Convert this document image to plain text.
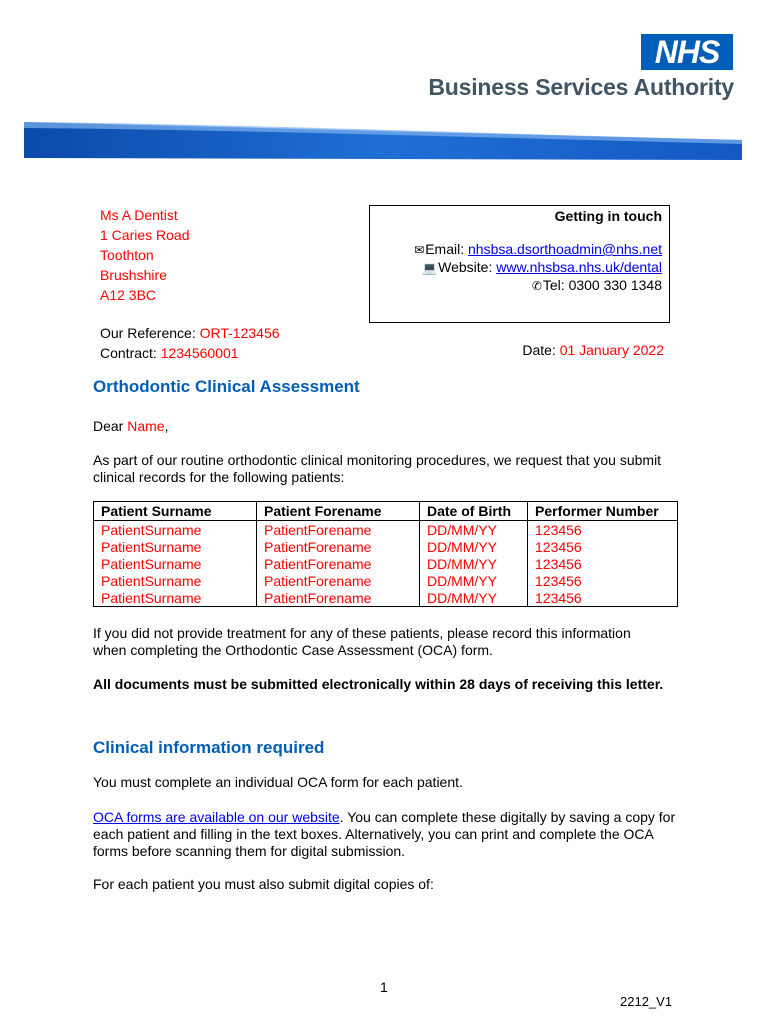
NHS
Business Services Authority
Ms A Dentist
1 Caries Road
Toothton
Brushshire
A12 3BC
Getting in touch
✉Email: nhsbsa.dsorthoadmin@nhs.net
💻Website: www.nhsbsa.nhs.uk/dental
✆Tel: 0300 330 1348
Our Reference: ORT-123456
Contract: 1234560001	Date: 01 January 2022
Orthodontic Clinical Assessment
Dear Name,
As part of our routine orthodontic clinical monitoring procedures, we request that you submit clinical records for the following patients:
Patient Surname	Patient Forename	Date of Birth	Performer Number
PatientSurname	PatientForename	DD/MM/YY	123456
PatientSurname	PatientForename	DD/MM/YY	123456
PatientSurname	PatientForename	DD/MM/YY	123456
PatientSurname	PatientForename	DD/MM/YY	123456
PatientSurname	PatientForename	DD/MM/YY	123456
If you did not provide treatment for any of these patients, please record this information when completing the Orthodontic Case Assessment (OCA) form.
All documents must be submitted electronically within 28 days of receiving this letter.
Clinical information required
You must complete an individual OCA form for each patient.
OCA forms are available on our website. You can complete these digitally by saving a copy for each patient and filling in the text boxes. Alternatively, you can print and complete the OCA forms before scanning them for digital submission.
For each patient you must also submit digital copies of:
1
2212_V1
